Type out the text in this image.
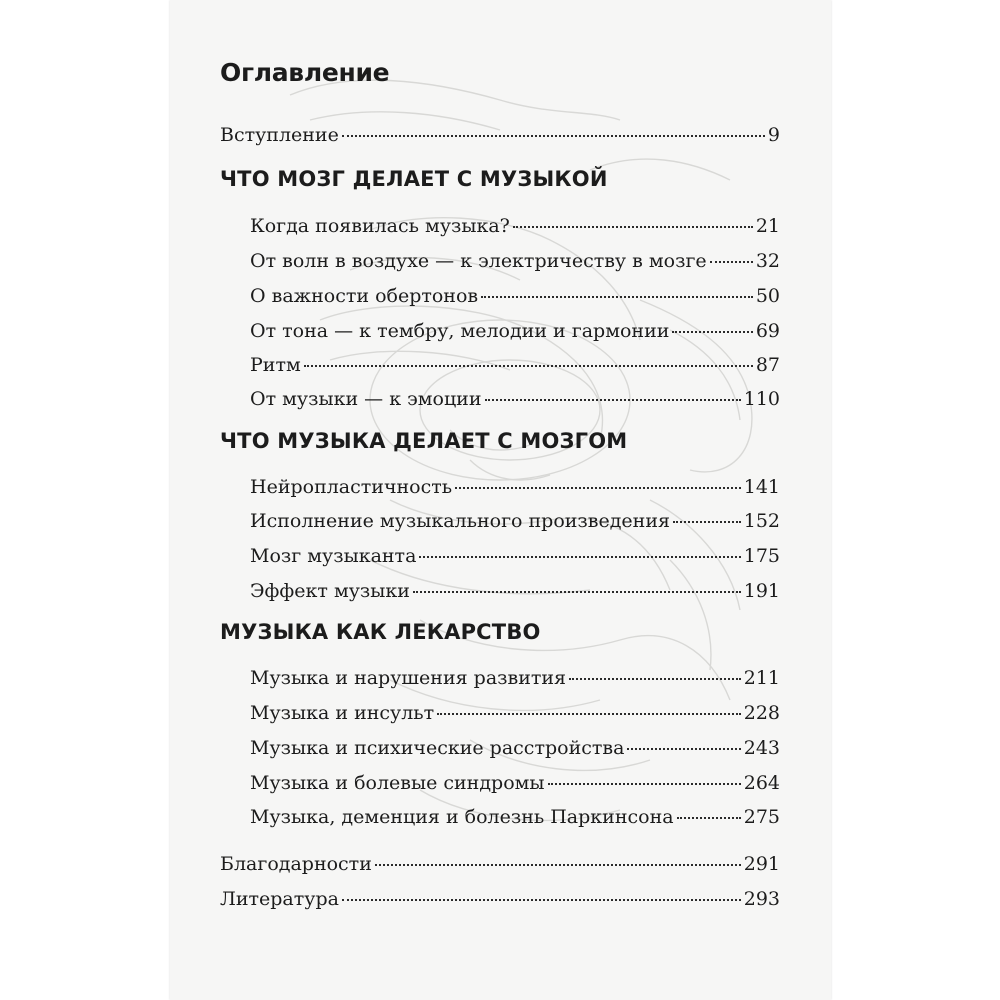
Оглавление
Вступление	9
ЧТО МОЗГ ДЕЛАЕТ С МУЗЫКОЙ
Когда появилась музыка?	21
От волн в воздухе — к электричеству в мозге	32
О важности обертонов	50
От тона — к тембру, мелодии и гармонии	69
Ритм	87
От музыки — к эмоции	110
ЧТО МУЗЫКА ДЕЛАЕТ С МОЗГОМ
Нейропластичность	141
Исполнение музыкального произведения	152
Мозг музыканта	175
Эффект музыки	191
МУЗЫКА КАК ЛЕКАРСТВО
Музыка и нарушения развития	211
Музыка и инсульт	228
Музыка и психические расстройства	243
Музыка и болевые синдромы	264
Музыка, деменция и болезнь Паркинсона	275
Благодарности	291
Литература	293
